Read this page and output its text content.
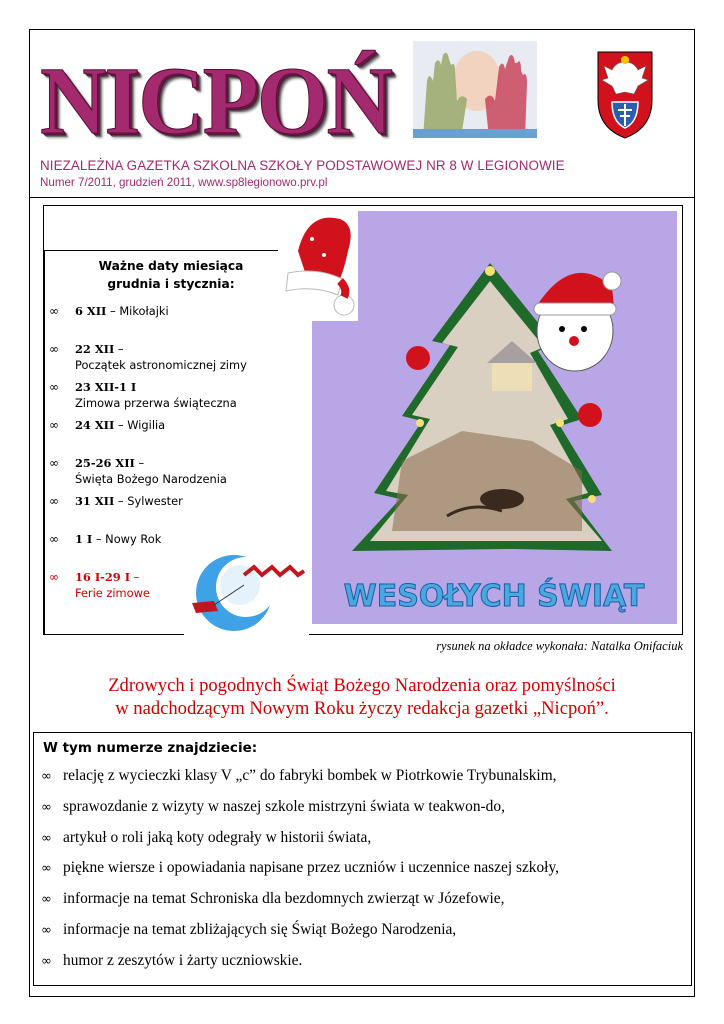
NICPOŃ
NIEZALEŻNA GAZETKA SZKOLNA SZKOŁY PODSTAWOWEJ NR 8 W LEGIONOWIE
Numer 7/2011, grudzień 2011, www.sp8legionowo.prv.pl
WESOŁYCH ŚWIĄT
Ważne daty miesiąca
grudnia i stycznia:
∞ 6 XII – Mikołajki
∞ 22 XII –
Początek astronomicznej zimy
∞ 23 XII-1 I
Zimowa przerwa świąteczna
∞ 24 XII – Wigilia
∞ 25-26 XII –
Święta Bożego Narodzenia
∞ 31 XII – Sylwester
∞ 1 I – Nowy Rok
∞ 16 I-29 I –
Ferie zimowe
rysunek na okładce wykonała: Natalka Onifaciuk
Zdrowych i pogodnych Świąt Bożego Narodzenia oraz pomyślności
w nadchodzącym Nowym Roku życzy redakcja gazetki „Nicpoń”.
W tym numerze znajdziecie:
∞ relację z wycieczki klasy V „c” do fabryki bombek w Piotrkowie Trybunalskim,
∞ sprawozdanie z wizyty w naszej szkole mistrzyni świata w teakwon-do,
∞ artykuł o roli jaką koty odegrały w historii świata,
∞ piękne wiersze i opowiadania napisane przez uczniów i uczennice naszej szkoły,
∞ informacje na temat Schroniska dla bezdomnych zwierząt w Józefowie,
∞ informacje na temat zbliżających się Świąt Bożego Narodzenia,
∞ humor z zeszytów i żarty uczniowskie.
